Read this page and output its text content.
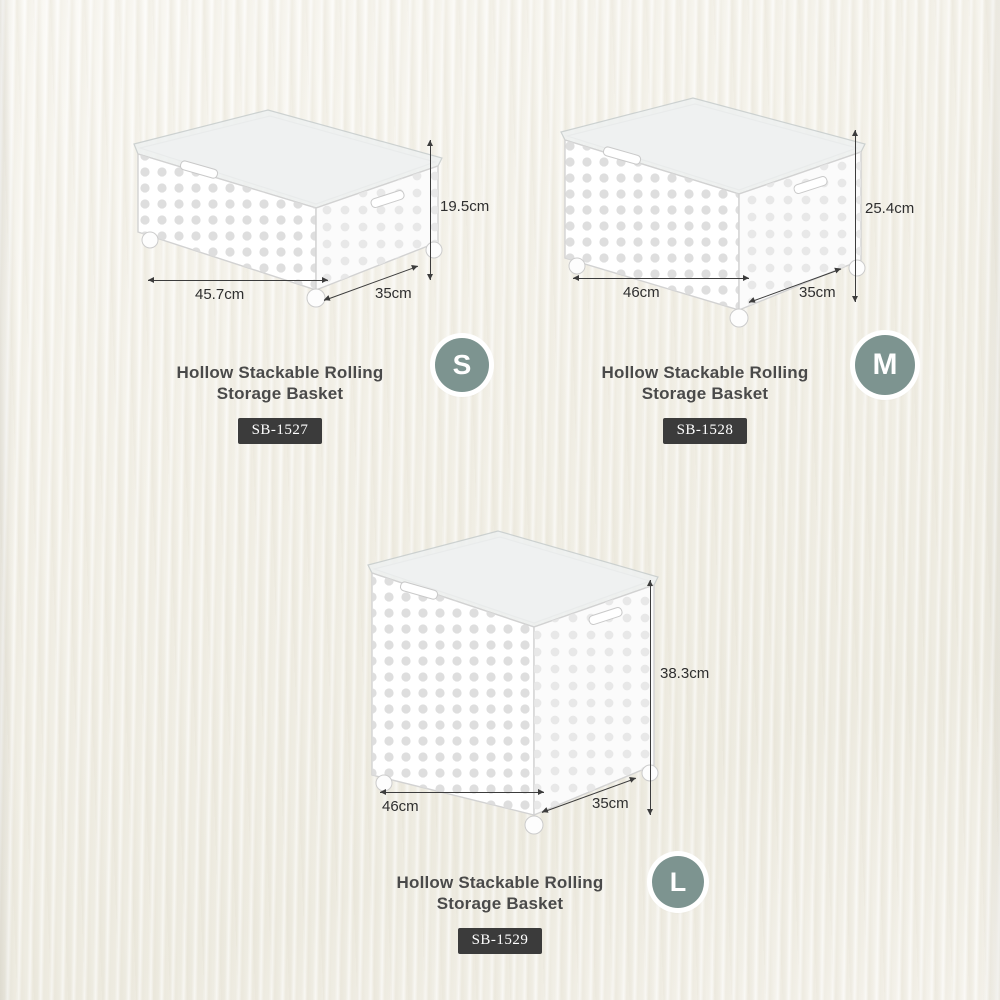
19.5cm
45.7cm	35cm
Hollow Stackable Rolling
Storage Basket
SB-1527
S
25.4cm
46cm	35cm
Hollow Stackable Rolling
Storage Basket
SB-1528
M
38.3cm
46cm	35cm
Hollow Stackable Rolling
Storage Basket
SB-1529
L
